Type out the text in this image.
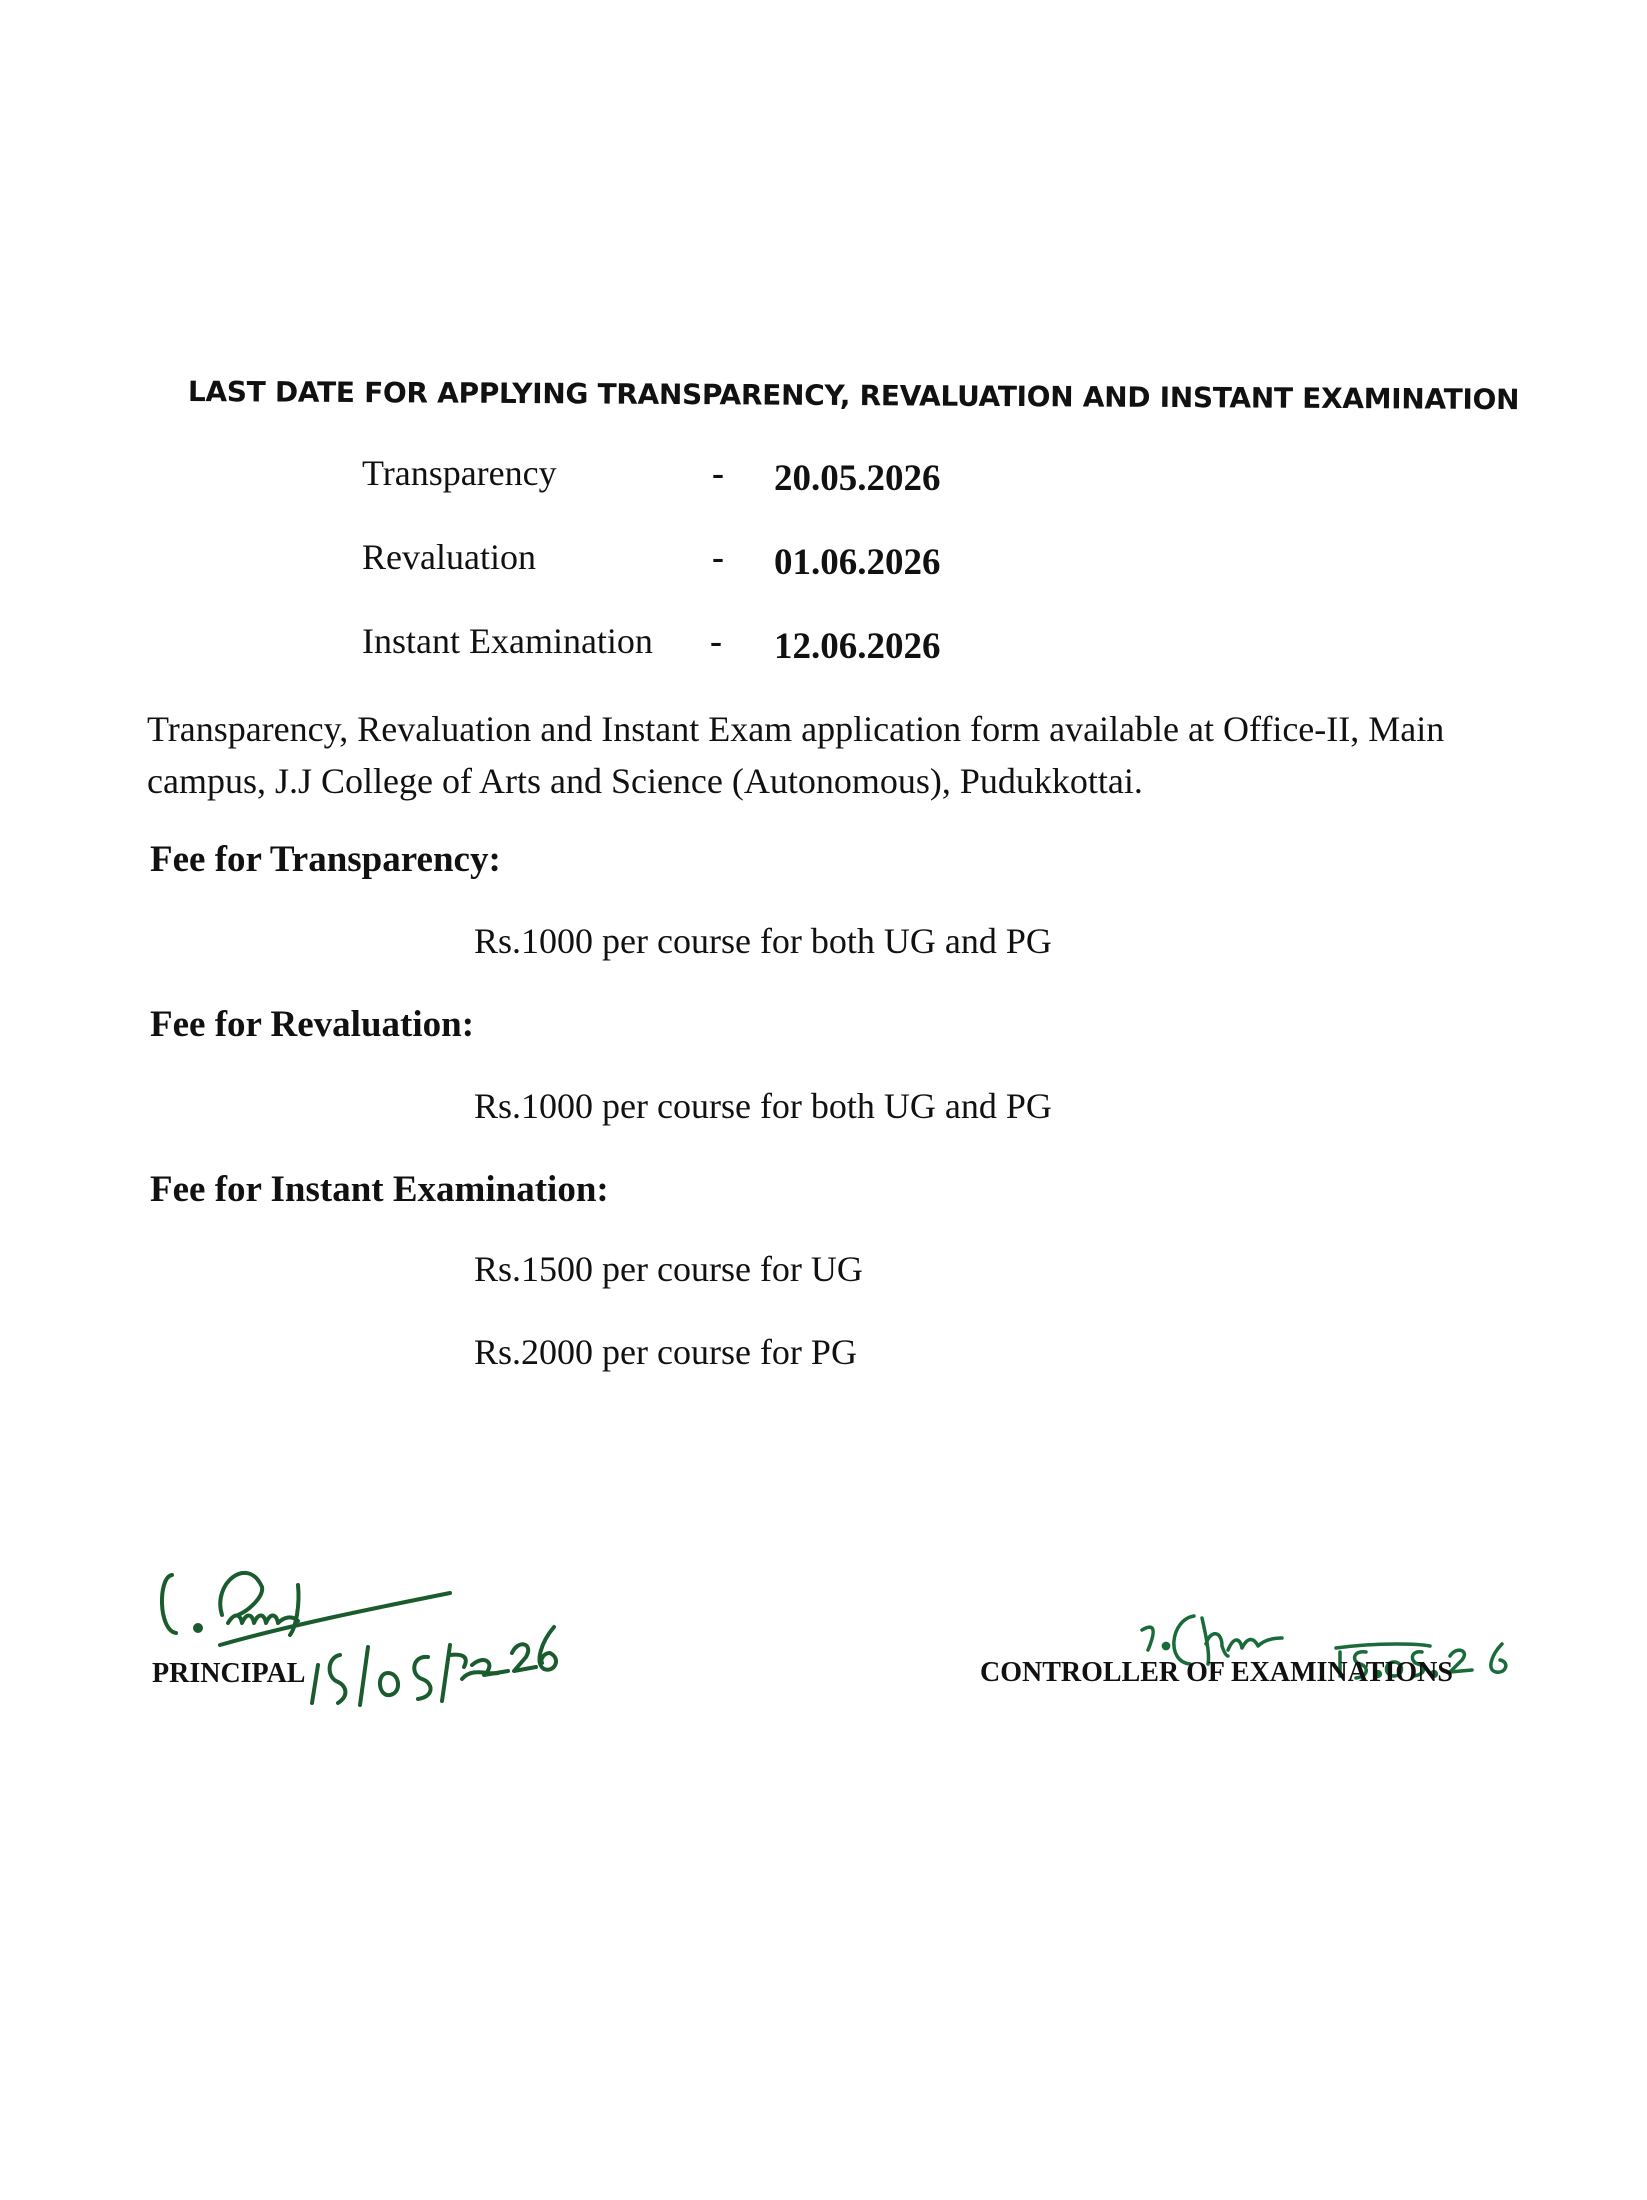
LAST DATE FOR APPLYING TRANSPARENCY, REVALUATION AND INSTANT EXAMINATION
Transparency	- 20.05.2026
Revaluation	- 01.06.2026
Instant Examination - 12.06.2026
Transparency, Revaluation and Instant Exam application form available at Office-II, Main campus, J.J College of Arts and Science (Autonomous), Pudukkottai.
Fee for Transparency:
Rs.1000 per course for both UG and PG
Fee for Revaluation:
Rs.1000 per course for both UG and PG
Fee for Instant Examination:
Rs.1500 per course for UG
Rs.2000 per course for PG
PRINCIPAL	CONTROLLER OF EXAMINATIONS
